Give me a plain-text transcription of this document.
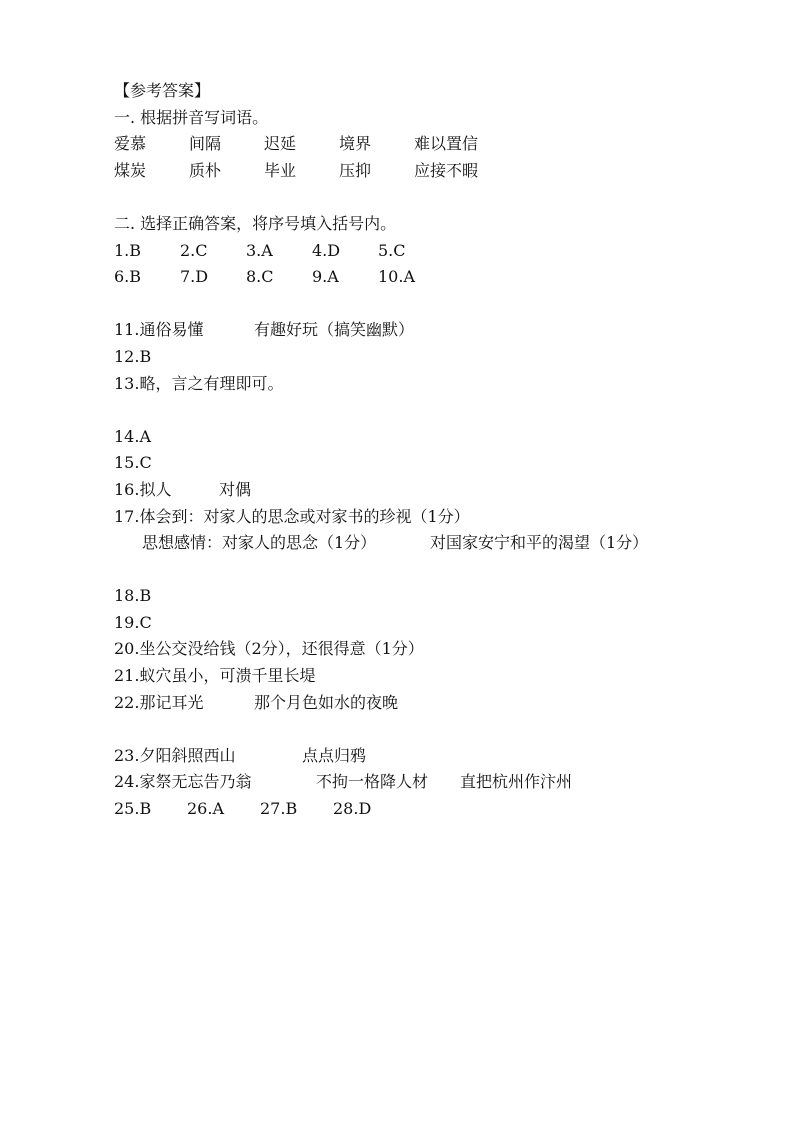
【参考答案】
一. 根据拼音写词语。
爱慕	间隔	迟延	境界	难以置信
煤炭	质朴	毕业	压抑	应接不暇
二. 选择正确答案，将序号填入括号内。
1.B	2.C	3.A	4.D	5.C
6.B	7.D	8.C	9.A	10.A
11.通俗易懂	有趣好玩（搞笑幽默）
12.B
13.略，言之有理即可。
14.A
15.C
16.拟人	对偶
17.体会到：对家人的思念或对家书的珍视（1分）
思想感情：对家人的思念（1分）	对国家安宁和平的渴望（1分）
18.B
19.C
20.坐公交没给钱（2分），还很得意（1分）
21.蚁穴虽小，可溃千里长堤
22.那记耳光	那个月色如水的夜晚
23.夕阳斜照西山	点点归鸦
24.家祭无忘告乃翁	不拘一格降人材	直把杭州作汴州
25.B	26.A	27.B	28.D
